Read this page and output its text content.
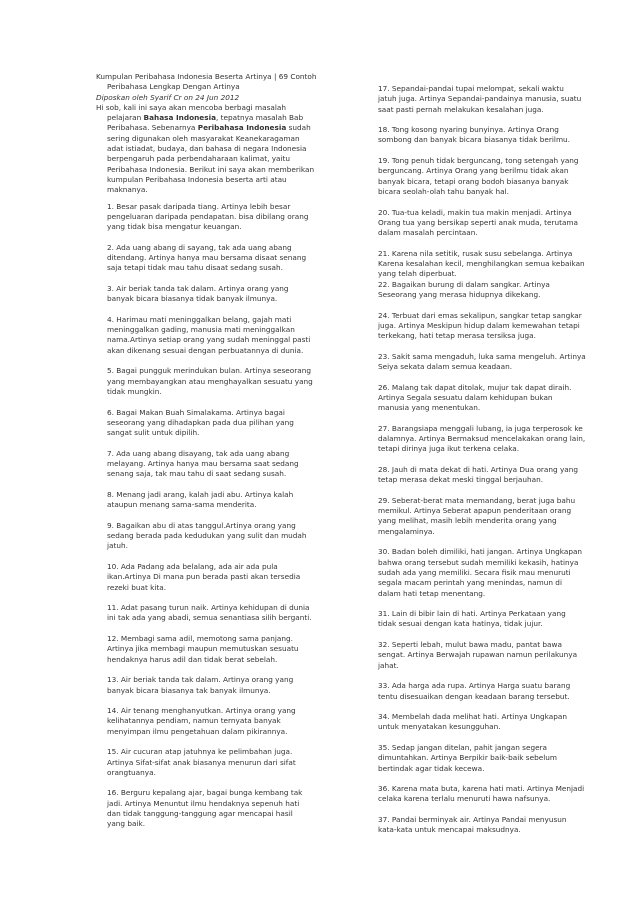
Kumpulan Peribahasa Indonesia Beserta Artinya | 69 Contoh
Peribahasa Lengkap Dengan Artinya
Diposkan oleh Syarif Cr on 24 Jun 2012
Hi sob, kali ini saya akan mencoba berbagi masalah
pelajaran Bahasa Indonesia, tepatnya masalah Bab
Peribahasa. Sebenarnya Peribahasa Indonesia sudah
sering digunakan oleh masyarakat Keanekaragaman
adat istiadat, budaya, dan bahasa di negara Indonesia
berpengaruh pada perbendaharaan kalimat, yaitu
Peribahasa Indonesia. Berikut ini saya akan memberikan
kumpulan Peribahasa Indonesia beserta arti atau
maknanya.
1. Besar pasak daripada tiang. Artinya lebih besar
pengeluaran daripada pendapatan. bisa dibilang orang
yang tidak bisa mengatur keuangan.
2. Ada uang abang di sayang, tak ada uang abang
ditendang. Artinya hanya mau bersama disaat senang
saja tetapi tidak mau tahu disaat sedang susah.
3. Air beriak tanda tak dalam. Artinya orang yang
banyak bicara biasanya tidak banyak ilmunya.
4. Harimau mati meninggalkan belang, gajah mati
meninggalkan gading, manusia mati meninggalkan
nama.Artinya setiap orang yang sudah meninggal pasti
akan dikenang sesuai dengan perbuatannya di dunia.
5. Bagai pungguk merindukan bulan. Artinya seseorang
yang membayangkan atau menghayalkan sesuatu yang
tidak mungkin.
6. Bagai Makan Buah Simalakama. Artinya bagai
seseorang yang dihadapkan pada dua pilihan yang
sangat sulit untuk dipilih.
7. Ada uang abang disayang, tak ada uang abang
melayang. Artinya hanya mau bersama saat sedang
senang saja, tak mau tahu di saat sedang susah.
8. Menang jadi arang, kalah jadi abu. Artinya kalah
ataupun menang sama-sama menderita.
9. Bagaikan abu di atas tanggul.Artinya orang yang
sedang berada pada kedudukan yang sulit dan mudah
jatuh.
10. Ada Padang ada belalang, ada air ada pula
ikan.Artinya Di mana pun berada pasti akan tersedia
rezeki buat kita.
11. Adat pasang turun naik. Artinya kehidupan di dunia
ini tak ada yang abadi, semua senantiasa silih berganti.
12. Membagi sama adil, memotong sama panjang.
Artinya jika membagi maupun memutuskan sesuatu
hendaknya harus adil dan tidak berat sebelah.
13. Air beriak tanda tak dalam. Artinya orang yang
banyak bicara biasanya tak banyak ilmunya.
14. Air tenang menghanyutkan. Artinya orang yang
kelihatannya pendiam, namun ternyata banyak
menyimpan ilmu pengetahuan dalam pikirannya.
15. Air cucuran atap jatuhnya ke pelimbahan juga.
Artinya Sifat-sifat anak biasanya menurun dari sifat
orangtuanya.
16. Berguru kepalang ajar, bagai bunga kembang tak
jadi. Artinya Menuntut ilmu hendaknya sepenuh hati
dan tidak tanggung-tanggung agar mencapai hasil
yang baik.
17. Sepandai-pandai tupai melompat, sekali waktu
jatuh juga. Artinya Sepandai-pandainya manusia, suatu
saat pasti pernah melakukan kesalahan juga.
18. Tong kosong nyaring bunyinya. Artinya Orang
sombong dan banyak bicara biasanya tidak berilmu.
19. Tong penuh tidak berguncang, tong setengah yang
berguncang. Artinya Orang yang berilmu tidak akan
banyak bicara, tetapi orang bodoh biasanya banyak
bicara seolah-olah tahu banyak hal.
20. Tua-tua keladi, makin tua makin menjadi. Artinya
Orang tua yang bersikap seperti anak muda, terutama
dalam masalah percintaan.
21. Karena nila setitik, rusak susu sebelanga. Artinya
Karena kesalahan kecil, menghilangkan semua kebaikan
yang telah diperbuat.
22. Bagaikan burung di dalam sangkar. Artinya
Seseorang yang merasa hidupnya dikekang.
24. Terbuat dari emas sekalipun, sangkar tetap sangkar
juga. Artinya Meskipun hidup dalam kemewahan tetapi
terkekang, hati tetap merasa tersiksa juga.
23. Sakit sama mengaduh, luka sama mengeluh. Artinya
Seiya sekata dalam semua keadaan.
26. Malang tak dapat ditolak, mujur tak dapat diraih.
Artinya Segala sesuatu dalam kehidupan bukan
manusia yang menentukan.
27. Barangsiapa menggali lubang, ia juga terperosok ke
dalamnya. Artinya Bermaksud mencelakakan orang lain,
tetapi dirinya juga ikut terkena celaka.
28. Jauh di mata dekat di hati. Artinya Dua orang yang
tetap merasa dekat meski tinggal berjauhan.
29. Seberat-berat mata memandang, berat juga bahu
memikul. Artinya Seberat apapun penderitaan orang
yang melihat, masih lebih menderita orang yang
mengalaminya.
30. Badan boleh dimiliki, hati jangan. Artinya Ungkapan
bahwa orang tersebut sudah memiliki kekasih, hatinya
sudah ada yang memiliki. Secara fisik mau menuruti
segala macam perintah yang menindas, namun di
dalam hati tetap menentang.
31. Lain di bibir lain di hati. Artinya Perkataan yang
tidak sesuai dengan kata hatinya, tidak jujur.
32. Seperti lebah, mulut bawa madu, pantat bawa
sengat. Artinya Berwajah rupawan namun perilakunya
jahat.
33. Ada harga ada rupa. Artinya Harga suatu barang
tentu disesuaikan dengan keadaan barang tersebut.
34. Membelah dada melihat hati. Artinya Ungkapan
untuk menyatakan kesungguhan.
35. Sedap jangan ditelan, pahit jangan segera
dimuntahkan. Artinya Berpikir baik-baik sebelum
bertindak agar tidak kecewa.
36. Karena mata buta, karena hati mati. Artinya Menjadi
celaka karena terlalu menuruti hawa nafsunya.
37. Pandai berminyak air. Artinya Pandai menyusun
kata-kata untuk mencapai maksudnya.
